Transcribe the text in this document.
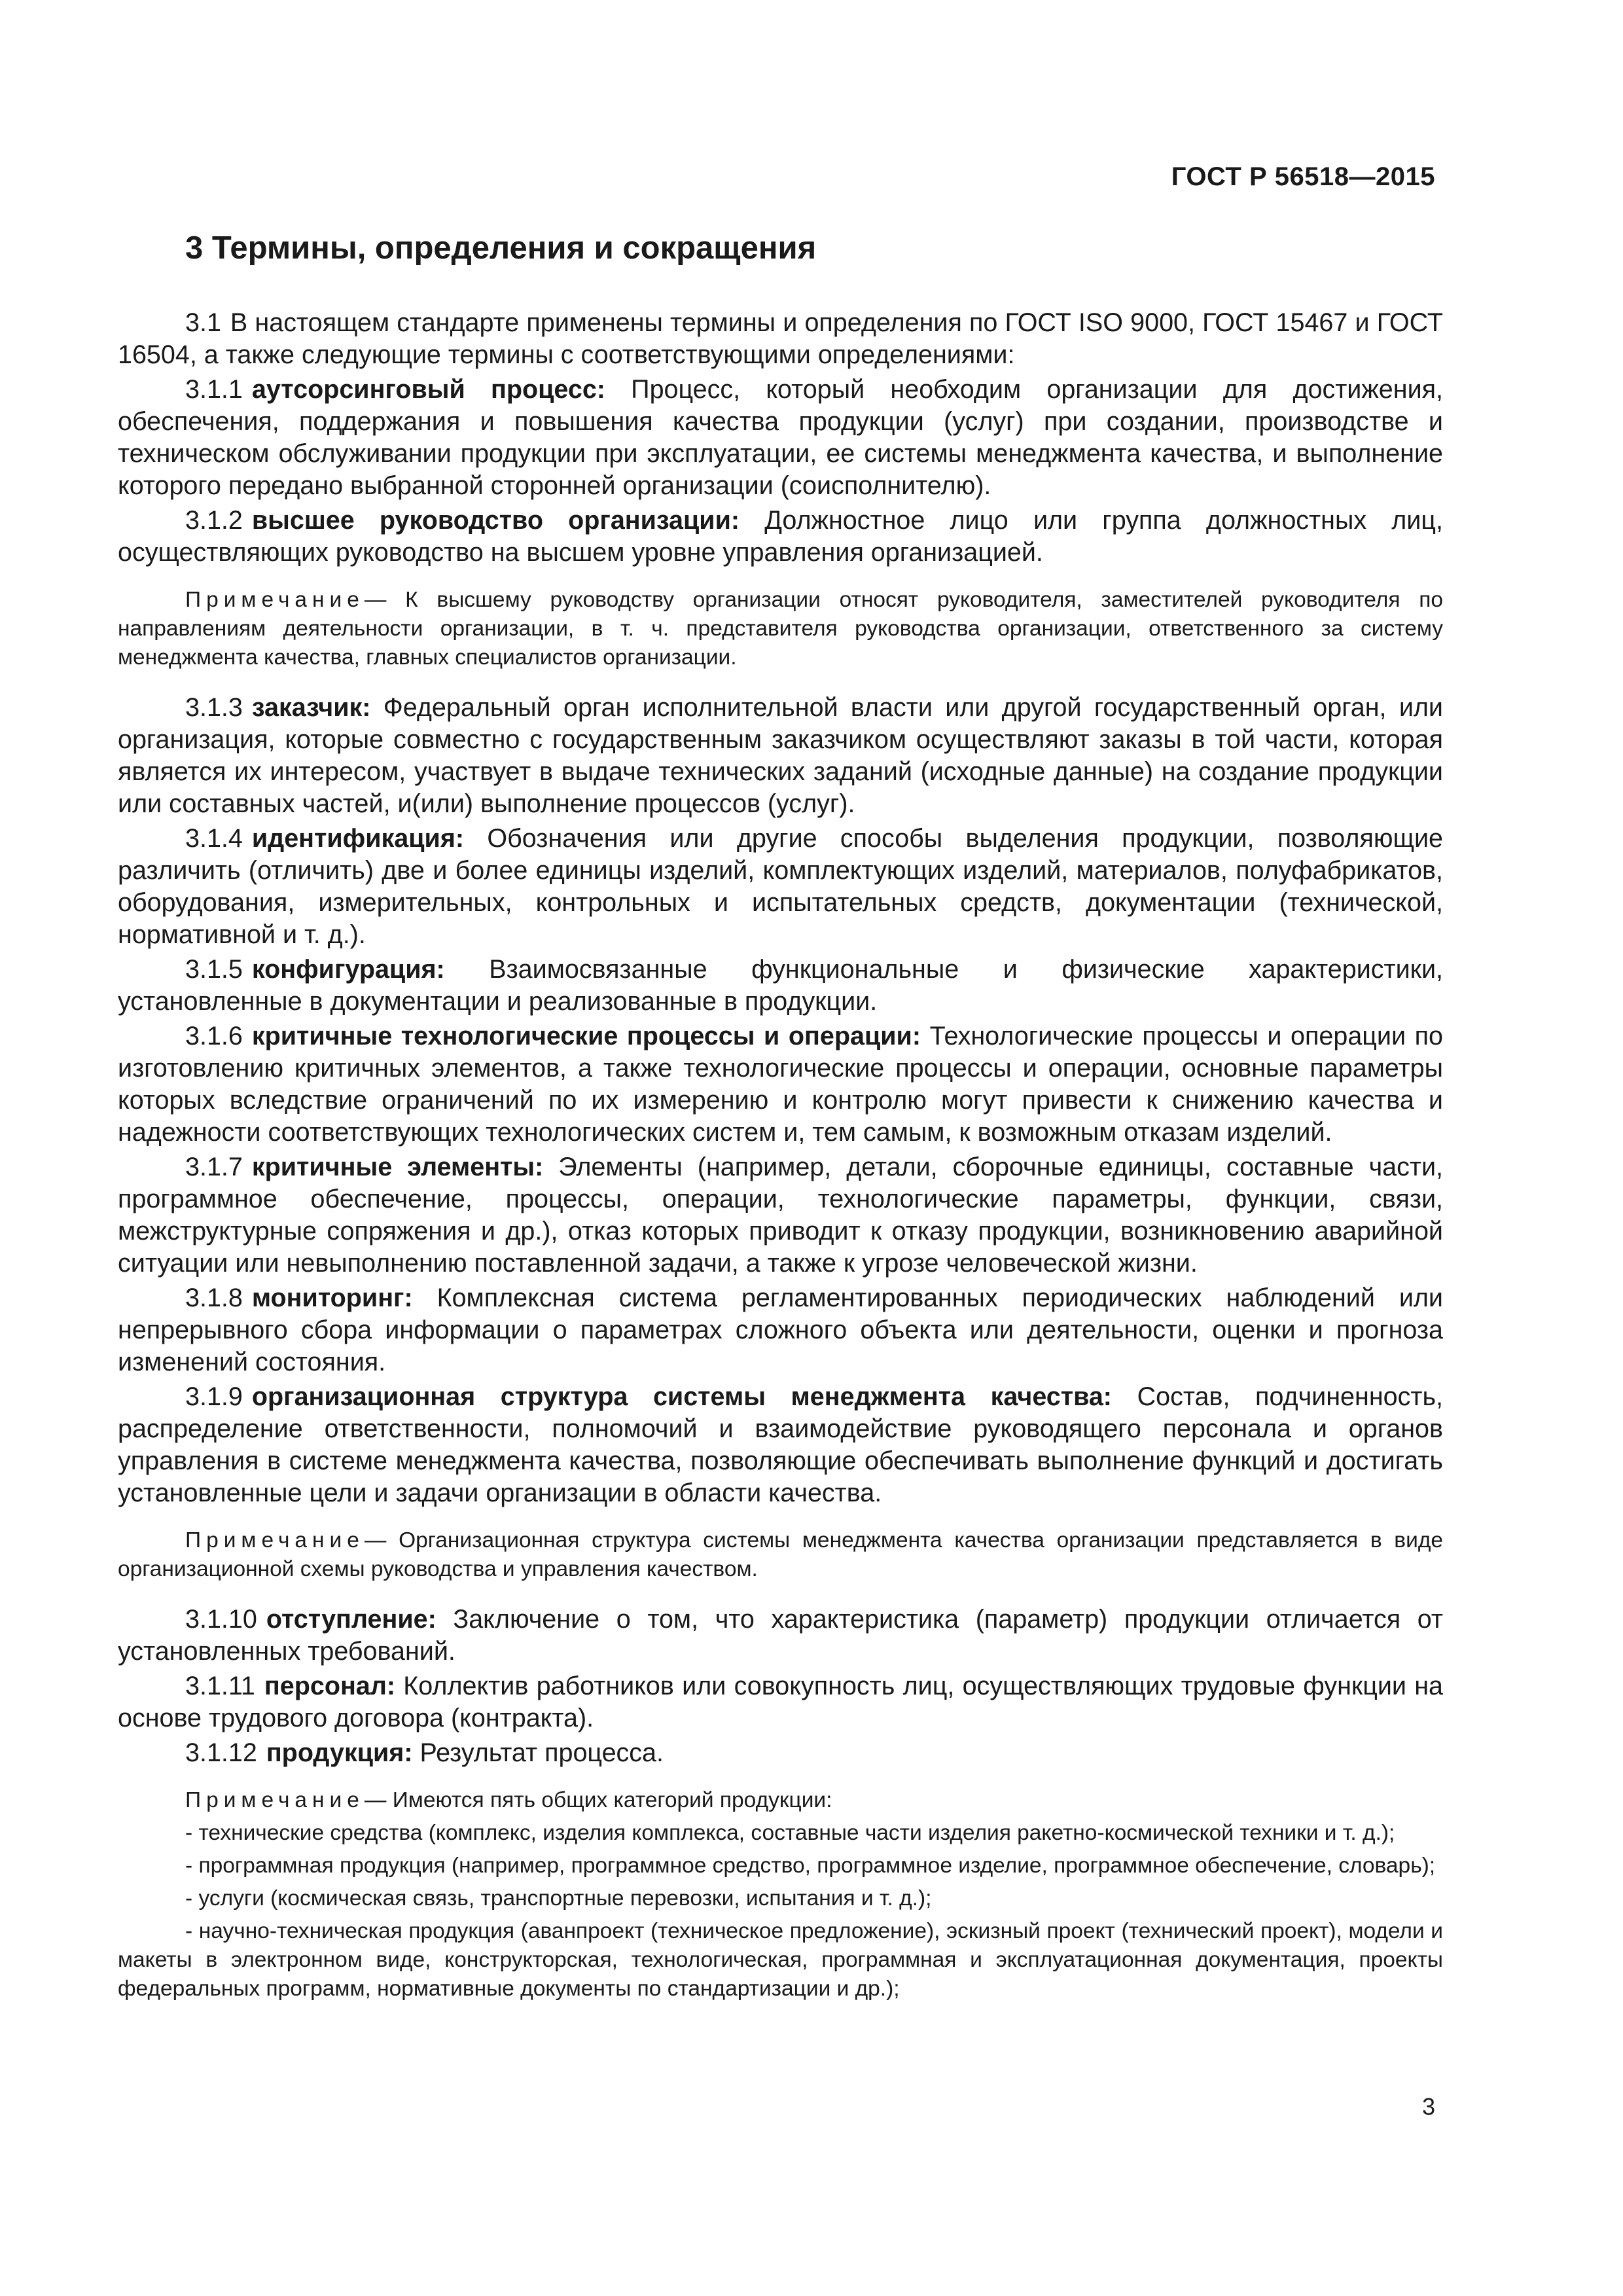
ГОСТ Р 56518—2015
3 Термины, определения и сокращения

3.1 В настоящем стандарте применены термины и определения по ГОСТ ISO 9000, ГОСТ 15467 и ГОСТ 16504, а также следующие термины с соответствующими определениями:

3.1.1 аутсорсинговый процесс: Процесс, который необходим организации для достижения, обеспечения, поддержания и повышения качества продукции (услуг) при создании, производстве и техническом обслуживании продукции при эксплуатации, ее системы менеджмента качества, и выполнение которого передано выбранной сторонней организации (соисполнителю).

3.1.2 высшее руководство организации: Должностное лицо или группа должностных лиц, осуществляющих руководство на высшем уровне управления организацией.

Примечание— К высшему руководству организации относят руководителя, заместителей руководителя по направлениям деятельности организации, в т. ч. представителя руководства организации, ответственного за систему менеджмента качества, главных специалистов организации.

3.1.3 заказчик: Федеральный орган исполнительной власти или другой государственный орган, или организация, которые совместно с государственным заказчиком осуществляют заказы в той части, которая является их интересом, участвует в выдаче технических заданий (исходные данные) на создание продукции или составных частей, и(или) выполнение процессов (услуг).

3.1.4 идентификация: Обозначения или другие способы выделения продукции, позволяющие различить (отличить) две и более единицы изделий, комплектующих изделий, материалов, полуфабрикатов, оборудования, измерительных, контрольных и испытательных средств, документации (технической, нормативной и т. д.).

3.1.5 конфигурация: Взаимосвязанные функциональные и физические характеристики, установленные в документации и реализованные в продукции.

3.1.6 критичные технологические процессы и операции: Технологические процессы и операции по изготовлению критичных элементов, а также технологические процессы и операции, основные параметры которых вследствие ограничений по их измерению и контролю могут привести к снижению качества и надежности соответствующих технологических систем и, тем самым, к возможным отказам изделий.

3.1.7 критичные элементы: Элементы (например, детали, сборочные единицы, составные части, программное обеспечение, процессы, операции, технологические параметры, функции, связи, межструктурные сопряжения и др.), отказ которых приводит к отказу продукции, возникновению аварийной ситуации или невыполнению поставленной задачи, а также к угрозе человеческой жизни.

3.1.8 мониторинг: Комплексная система регламентированных периодических наблюдений или непрерывного сбора информации о параметрах сложного объекта или деятельности, оценки и прогноза изменений состояния.

3.1.9 организационная структура системы менеджмента качества: Состав, подчиненность, распределение ответственности, полномочий и взаимодействие руководящего персонала и органов управления в системе менеджмента качества, позволяющие обеспечивать выполнение функций и достигать установленные цели и задачи организации в области качества.

Примечание— Организационная структура системы менеджмента качества организации представляется в виде организационной схемы руководства и управления качеством.

3.1.10 отступление: Заключение о том, что характеристика (параметр) продукции отличается от установленных требований.

3.1.11 персонал: Коллектив работников или совокупность лиц, осуществляющих трудовые функции на основе трудового договора (контракта).

3.1.12 продукция: Результат процесса.

Примечание— Имеются пять общих категорий продукции:

- технические средства (комплекс, изделия комплекса, составные части изделия ракетно-космической техники и т. д.);

- программная продукция (например, программное средство, программное изделие, программное обеспечение, словарь);

- услуги (космическая связь, транспортные перевозки, испытания и т. д.);

- научно-техническая продукция (аванпроект (техническое предложение), эскизный проект (технический проект), модели и макеты в электронном виде, конструкторская, технологическая, программная и эксплуатационная документация, проекты федеральных программ, нормативные документы по стандартизации и др.);

3
